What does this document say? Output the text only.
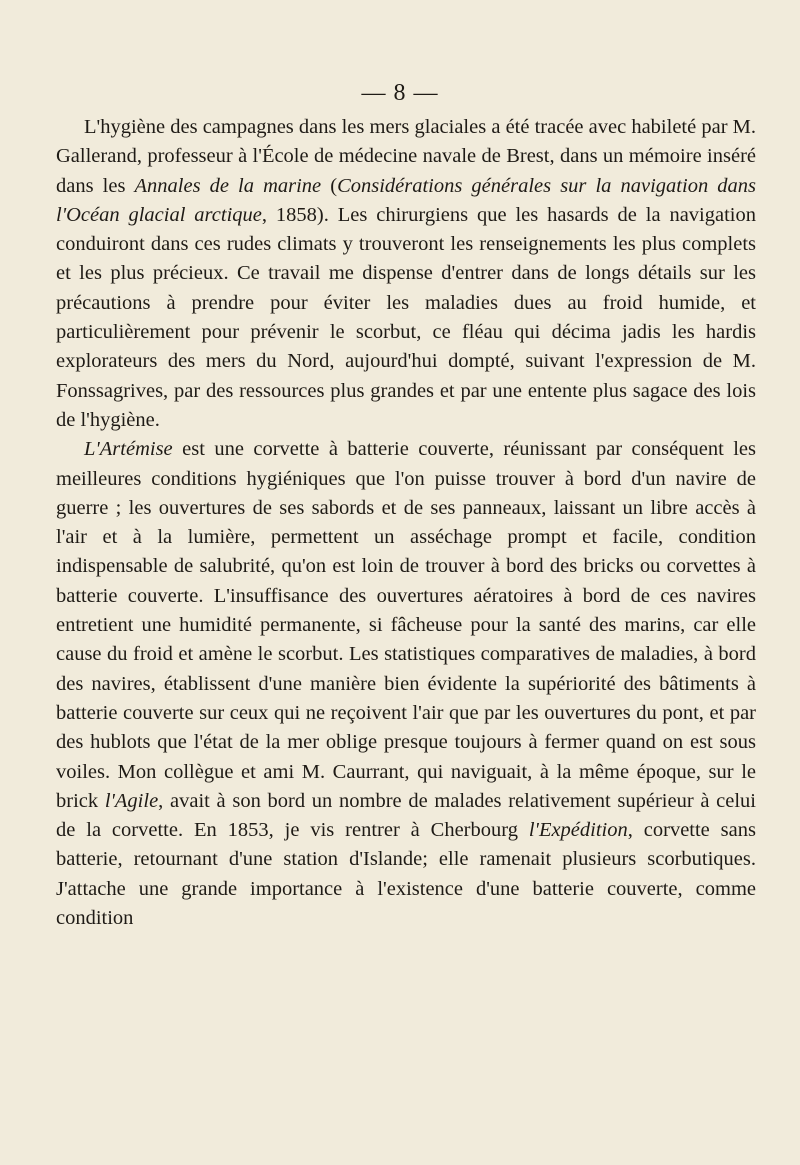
— 8 —

L'hygiène des campagnes dans les mers glaciales a été tracée avec habileté par M. Gallerand, professeur à l'École de médecine navale de Brest, dans un mémoire inséré dans les Annales de la marine (Considérations générales sur la navigation dans l'Océan glacial arctique, 1858). Les chirurgiens que les hasards de la navigation conduiront dans ces rudes climats y trouveront les renseignements les plus complets et les plus précieux. Ce travail me dispense d'entrer dans de longs détails sur les précautions à prendre pour éviter les maladies dues au froid humide, et particulièrement pour prévenir le scorbut, ce fléau qui décima jadis les hardis explorateurs des mers du Nord, aujourd'hui dompté, suivant l'expression de M. Fonssagrives, par des ressources plus grandes et par une entente plus sagace des lois de l'hygiène.

L'Artémise est une corvette à batterie couverte, réunissant par conséquent les meilleures conditions hygiéniques que l'on puisse trouver à bord d'un navire de guerre ; les ouvertures de ses sabords et de ses panneaux, laissant un libre accès à l'air et à la lumière, permettent un asséchage prompt et facile, condition indispensable de salubrité, qu'on est loin de trouver à bord des bricks ou corvettes à batterie couverte. L'insuffisance des ouvertures aératoires à bord de ces navires entretient une humidité permanente, si fâcheuse pour la santé des marins, car elle cause du froid et amène le scorbut. Les statistiques comparatives de maladies, à bord des navires, établissent d'une manière bien évidente la supériorité des bâtiments à batterie couverte sur ceux qui ne reçoivent l'air que par les ouvertures du pont, et par des hublots que l'état de la mer oblige presque toujours à fermer quand on est sous voiles. Mon collègue et ami M. Caurrant, qui naviguait, à la même époque, sur le brick l'Agile, avait à son bord un nombre de malades relativement supérieur à celui de la corvette. En 1853, je vis rentrer à Cherbourg l'Expédition, corvette sans batterie, retournant d'une station d'Islande; elle ramenait plusieurs scorbutiques. J'attache une grande importance à l'existence d'une batterie couverte, comme condition
